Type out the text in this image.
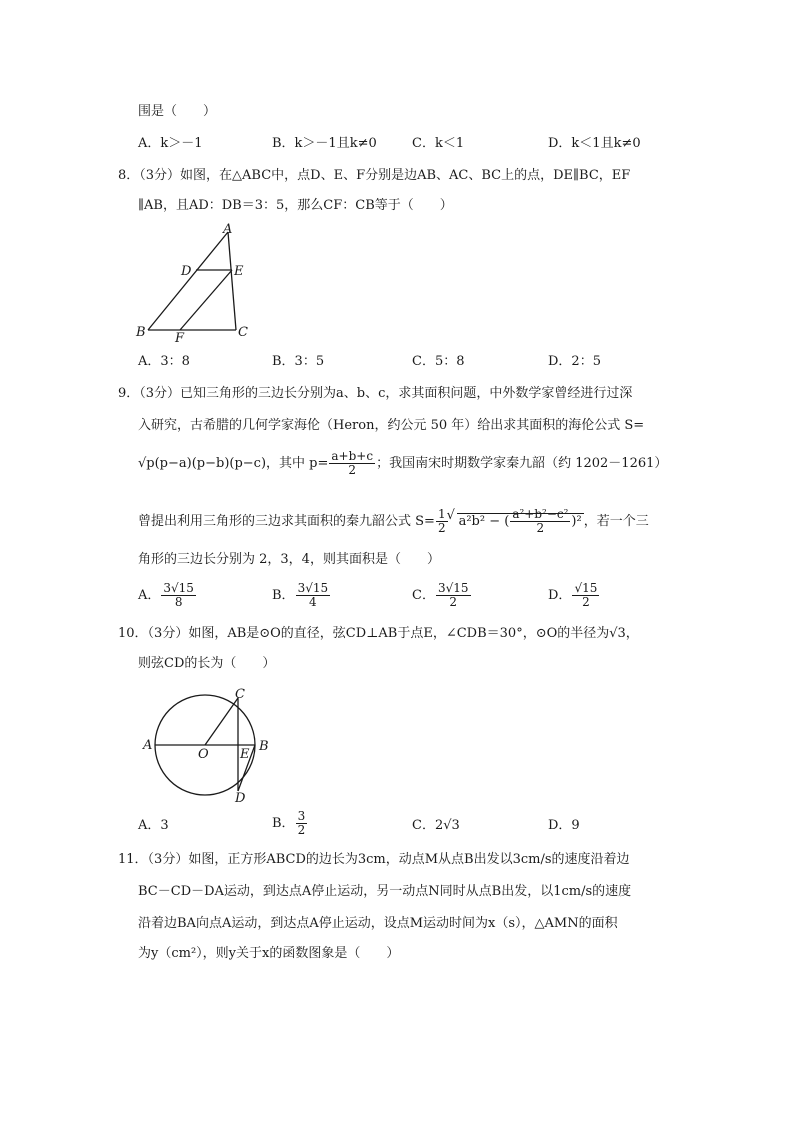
围是（　　）
A．k＞－1	B．k＞－1且k≠0	C．k＜1	D．k＜1且k≠0
8．（3分）如图，在△ABC中，点D、E、F分别是边AB、AC、BC上的点，DE∥BC，EF
∥AB，且AD：DB＝3：5，那么CF：CB等于（　　）
A
D	E
B F	C
A．3：8	B．3：5	C．5：8	D．2：5
9．（3分）已知三角形的三边长分别为a、b、c，求其面积问题，中外数学家曾经进行过深
入研究，古希腊的几何学家海伦（Heron，约公元 50 年）给出求其面积的海伦公式 S=
√p(p−a)(p−b)(p−c)，其中 $p= \frac{a+b+c}{2}$ ；我国南宋时期数学家秦九韶（约 1202－1261）
曾提出利用三角形的三边求其面积的秦九韶公式 $S= \frac{1}{2}$
√ a²b² − ( $\frac{\text{a²+b²−c²}}{2} )^2$ ，若一个三
角形的三边长分别为 2，3，4，则其面积是（　　）
A． $\frac{3√15}{8}$	B． $\frac{3√15}{4}$	C． $\frac{3√15}{2}$	D． $\frac{√15}{2}$
10．（3分）如图，AB是⊙O的直径，弦CD⊥AB于点E，∠CDB＝30°，⊙O的半径为√3，
则弦CD的长为（　　）
A
O E
B
C
D
A．3	B． $\frac{3}{2}$	C．2√3	D．9
11．（3分）如图，正方形ABCD的边长为3cm，动点M从点B出发以3cm/s的速度沿着边
BC－CD－DA运动，到达点A停止运动，另一动点N同时从点B出发，以1cm/s的速度
沿着边BA向点A运动，到达点A停止运动，设点M运动时间为x（s），△AMN的面积
为y（cm²），则y关于x的函数图象是（　　）
